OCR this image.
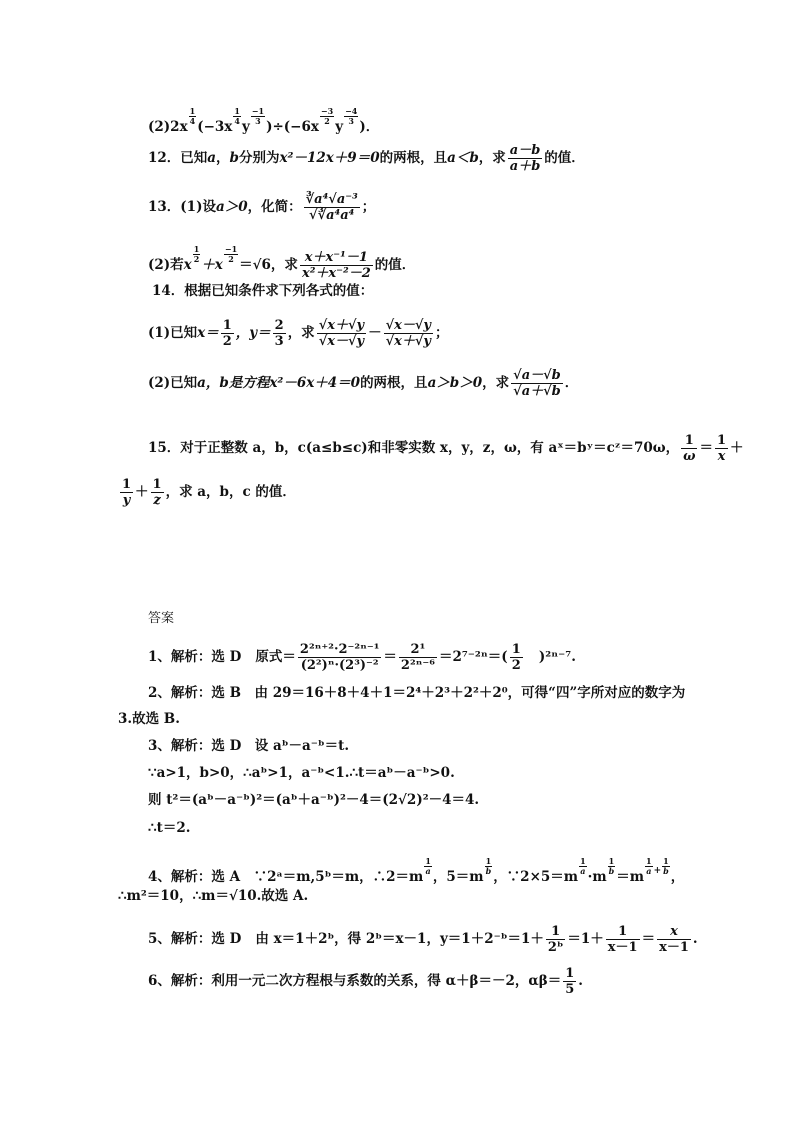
(2)2x
$\frac{1}{4}$
(−3x
$\frac{1}{4}$
y
$\frac{-1}{3}$
)÷(−6x
$\frac{-3}{2}$
y
$\frac{-4}{3}$
)．
12．已知a，b分别为x²－12x＋9＝0的两根，且a＜b，求 $\frac{a-b}{a+b}$ 的值．
13．(1)设a＞0，化简： $\frac{\text{∛a⁴√a⁻³}}{\text{√∛a⁴a⁴}}$ ；
(2)若x
$\frac{1}{2}$
＋x
$\frac{-1}{2}$
＝√6，求 $\frac{\text{x＋x⁻¹－1}}{\text{x²＋x⁻²－2}}$ 的值．
14．根据已知条件求下列各式的值：
(1)已知$x= \frac{1}{2}$ ，$y= \frac{2}{3}$ ，求 $\frac{√x+√y}{√x-√y} - \frac{√x-√y}{√x+√y}$ ；
(2)已知a，b是方程x²－6x＋4＝0的两根，且a＞b＞0，求 $\frac{√a-√b}{√a+√b}$ ．
15．对于正整数 a，b，c(a≤b≤c)和非零实数 x，y，z，ω，有 aˣ＝bʸ＝cᶻ＝70ω， $\frac{1}{\omega} = \frac{1}{x}$ ＋
$\frac{1}{y} + \frac{1}{z}$ ，求 a，b，c 的值．
答案
1、解析：选 D 原式＝ $\frac{\text{2²ⁿ⁺²·2⁻²ⁿ⁻¹}}{\text{(2²)ⁿ·(2³)⁻²}} = \frac{\text{2¹}}{\text{2²ⁿ⁻⁶}} =2^{7-2n}=( \frac{1}{2} )^{2n-7}$.
2、解析：选 B　由 29＝16＋8＋4＋1＝2⁴＋2³＋2²＋2⁰，可得“四”字所对应的数字为
3.故选 B.
3、解析：选 D　设 aᵇ－a⁻ᵇ＝t.
∵a>1，b>0，∴aᵇ>1，a⁻ᵇ<1.∴t＝aᵇ－a⁻ᵇ>0.
则 t²＝(aᵇ－a⁻ᵇ)²＝(aᵇ＋a⁻ᵇ)²－4＝(2√2)²－4＝4.
∴t＝2.
4、解析：选 A　∵2ᵃ＝m,5ᵇ＝m，∴2＝m
$\frac{1}{a}$
，5＝m
$\frac{1}{b}$
，∵2×5＝m
$\frac{1}{a}$
·m
$\frac{1}{b}$
＝m
$\frac{1}{a} ^+ \frac{1}{b}$
，
∴m²＝10，∴m＝√10.故选 A.
5、解析：选 D 由 x＝1＋2ᵇ，得 2ᵇ＝x－1，y＝1＋2⁻ᵇ＝1＋ $\frac{1}{\text{2ᵇ}} =1+ \frac{1}{x-1} = \frac{x}{x-1}$ .
6、解析：利用一元二次方程根与系数的关系，得 α＋β＝－2，$\alpha\beta= \frac{1}{5}$ .
